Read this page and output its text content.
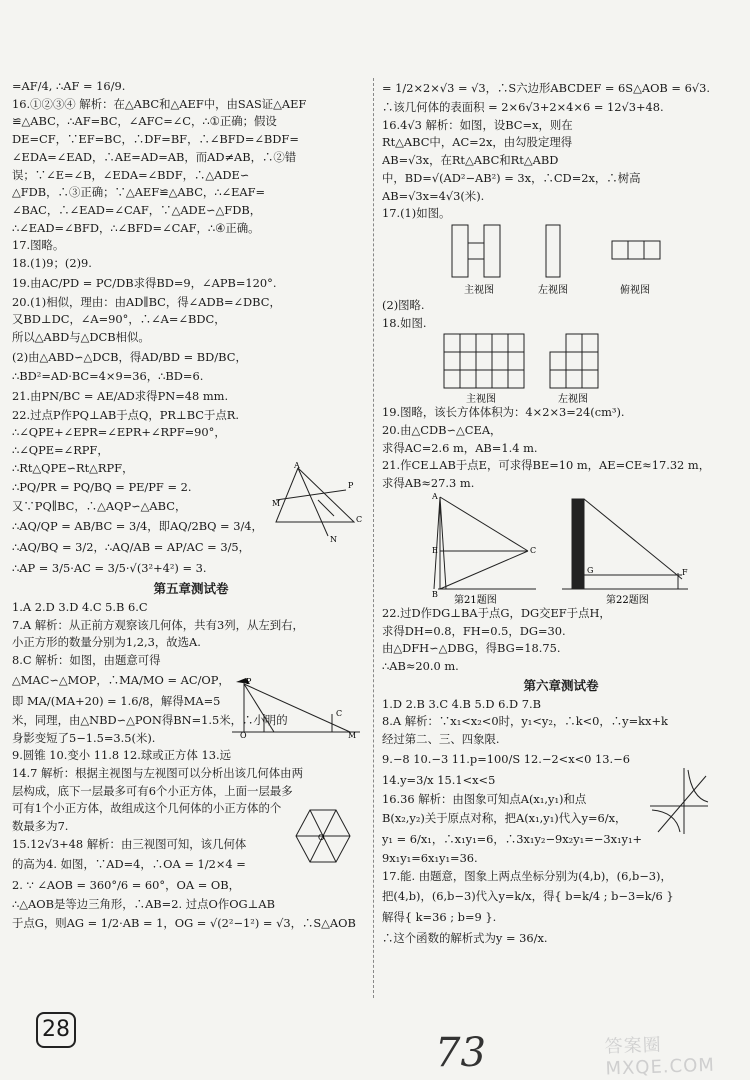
=AF/4, ∴AF = 16/9.
16.①②③④ 解析：在△ABC和△AEF中，由SAS证△AEF
≌△ABC，∴AF=BC，∠AFC=∠C，∴①正确；假设
DE=CF，∵EF=BC，∴DF=BF，∴∠BFD=∠BDF=
∠EDA=∠EAD，∴AE=AD=AB，而AD≠AB，∴②错
误；∵∠E=∠B，∠EDA=∠BDF，∴△ADE∽
△FDB，∴③正确；∵△AEF≌△ABC，∴∠EAF=
∠BAC，∴∠EAD=∠CAF，∵△ADE∽△FDB，
∴∠EAD=∠BFD，∴∠BFD=∠CAF，∴④正确。
17.图略。
18.(1)9；(2)9.
19.由AC/PD = PC/DB求得BD=9，∠APB=120°.
20.(1)相似，理由：由AD∥BC，得∠ADB=∠DBC，
又BD⊥DC，∠A=90°，∴∠A=∠BDC，
所以△ABD与△DCB相似。
(2)由△ABD∽△DCB，得AD/BD = BD/BC，
∴BD²=AD·BC=4×9=36，∴BD=6.
21.由PN/BC = AE/AD求得PN=48 mm.
22.过点P作PQ⊥AB于点Q，PR⊥BC于点R.
∴∠QPE+∠EPR=∠EPR+∠RPF=90°，
∴∠QPE=∠RPF，
∴Rt△QPE∽Rt△RPF，
∴PQ/PR = PQ/BQ = PE/PF = 2.
又∵PQ∥BC，∴△AQP∽△ABC，
∴AQ/QP = AB/BC = 3/4，即AQ/2BQ = 3/4，
∴AQ/BQ = 3/2，∴AQ/AB = AP/AC = 3/5，
∴AP = 3/5·AC = 3/5·√(3²+4²) = 3.
第五章测试卷
1.A 2.D 3.D 4.C 5.B 6.C
7.A 解析：从正前方观察该几何体，共有3列，从左到右，
小正方形的数量分别为1,2,3，故选A.
8.C 解析：如图，由题意可得
△MAC∽△MOP，∴MA/MO = AC/OP，
即 MA/(MA+20) = 1.6/8，解得MA=5
米，同理，由△NBD∽△PON得BN=1.5米，∴小明的
身影变短了5−1.5=3.5(米).
9.圆锥 10.变小 11.8 12.球或正方体 13.远
14.7 解析：根据主视图与左视图可以分析出该几何体由两
层构成，底下一层最多可有6个小正方体，上面一层最多
可有1个小正方体，故组成这个几何体的小正方体的个
数最多为7.
15.12√3+48 解析：由三视图可知，该几何体
的高为4. 如图，∵AD=4，∴OA = 1/2×4 =
2. ∵ ∠AOB = 360°/6 = 60°，OA = OB，
∴△AOB是等边三角形，∴AB=2. 过点O作OG⊥AB
于点G，则AG = 1/2·AB = 1，OG = √(2²−1²) = √3，∴S△AOB
A
P
M
C
N
P
O
C
M
O
= 1/2×2×√3 = √3，∴S六边形ABCDEF = 6S△AOB = 6√3.
∴该几何体的表面积 = 2×6√3+2×4×6 = 12√3+48.
16.4√3 解析：如图，设BC=x，则在
Rt△ABC中，AC=2x，由勾股定理得
AB=√3x，在Rt△ABC和Rt△ABD
中，BD=√(AD²−AB²) = 3x，∴CD=2x，∴树高
AB=√3x=4√3(米).
17.(1)如图。
主视图	左视图	俯视图
(2)图略.
18.如图.
主视图	左视图
19.图略，该长方体体积为：4×2×3=24(cm³).
20.由△CDB∽△CEA，
求得AC=2.6 m，AB=1.4 m.
21.作CE⊥AB于点E，可求得BE=10 m，AE=CE≈17.32 m，
求得AB≈27.3 m.
A
C
E
B
G	F
第21题图	第22题图
22.过D作DG⊥BA于点G，DG交EF于点H，
求得DH=0.8，FH=0.5，DG=30.
由△DFH∽△DBG，得BG=18.75.
∴AB≈20.0 m.
第六章测试卷
1.D 2.B 3.C 4.B 5.D 6.D 7.B
8.A 解析：∵x₁<x₂<0时，y₁<y₂，∴k<0，∴y=kx+k
经过第二、三、四象限.
9.−8 10.−3 11.p=100/S 12.−2<x<0 13.−6
14.y=3/x 15.1<x<5
16.36 解析：由图象可知点A(x₁,y₁)和点
B(x₂,y₂)关于原点对称，把A(x₁,y₁)代入y=6/x，
y₁ = 6/x₁，∴x₁y₁=6，∴3x₁y₂−9x₂y₁=−3x₁y₁+
9x₁y₁=6x₁y₁=36.
17.能. 由题意，图象上两点坐标分别为(4,b)，(6,b−3)，
把(4,b)，(6,b−3)代入y=k/x，得{ b=k/4 ; b−3=k/6 }
解得{ k=36 ; b=9 }.
∴这个函数的解析式为y = 36/x.
28
73	答案圈 MXQE.COM
